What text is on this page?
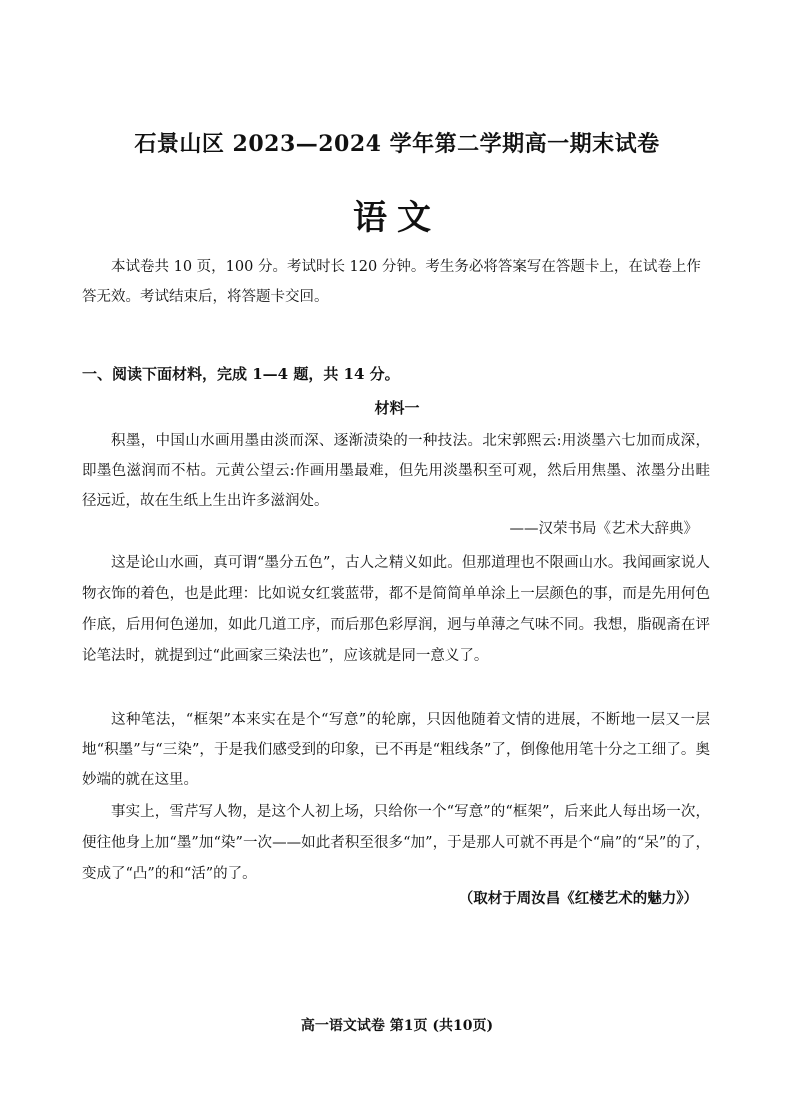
石景山区 2023—2024 学年第二学期高一期末试卷
语文
本试卷共 10 页，100 分。考试时长 120 分钟。考生务必将答案写在答题卡上，在试卷上作答无效。考试结束后，将答题卡交回。
一、阅读下面材料，完成 1—4 题，共 14 分。
材料一
积墨，中国山水画用墨由淡而深、逐渐渍染的一种技法。北宋郭熙云:用淡墨六七加而成深，即墨色滋润而不枯。元黄公望云:作画用墨最难，但先用淡墨积至可观，然后用焦墨、浓墨分出畦径远近，故在生纸上生出许多滋润处。
——汉荣书局《艺术大辞典》
这是论山水画，真可谓“墨分五色”，古人之精义如此。但那道理也不限画山水。我闻画家说人物衣饰的着色，也是此理：比如说女红裳蓝带，都不是简简单单涂上一层颜色的事，而是先用何色作底，后用何色递加，如此几道工序，而后那色彩厚润，迥与单薄之气味不同。我想，脂砚斋在评论笔法时，就提到过“此画家三染法也”，应该就是同一意义了。
这种笔法，“框架”本来实在是个“写意”的轮廓，只因他随着文情的进展，不断地一层又一层地“积墨”与“三染”，于是我们感受到的印象，已不再是“粗线条”了，倒像他用笔十分之工细了。奥妙端的就在这里。
事实上，雪芹写人物，是这个人初上场，只给你一个“写意”的“框架”，后来此人每出场一次，便往他身上加“墨”加“染”一次——如此者积至很多“加”，于是那人可就不再是个“扁”的“呆”的了，变成了“凸”的和“活”的了。
（取材于周汝昌《红楼艺术的魅力》）
高一语文试卷 第1页 (共10页)
